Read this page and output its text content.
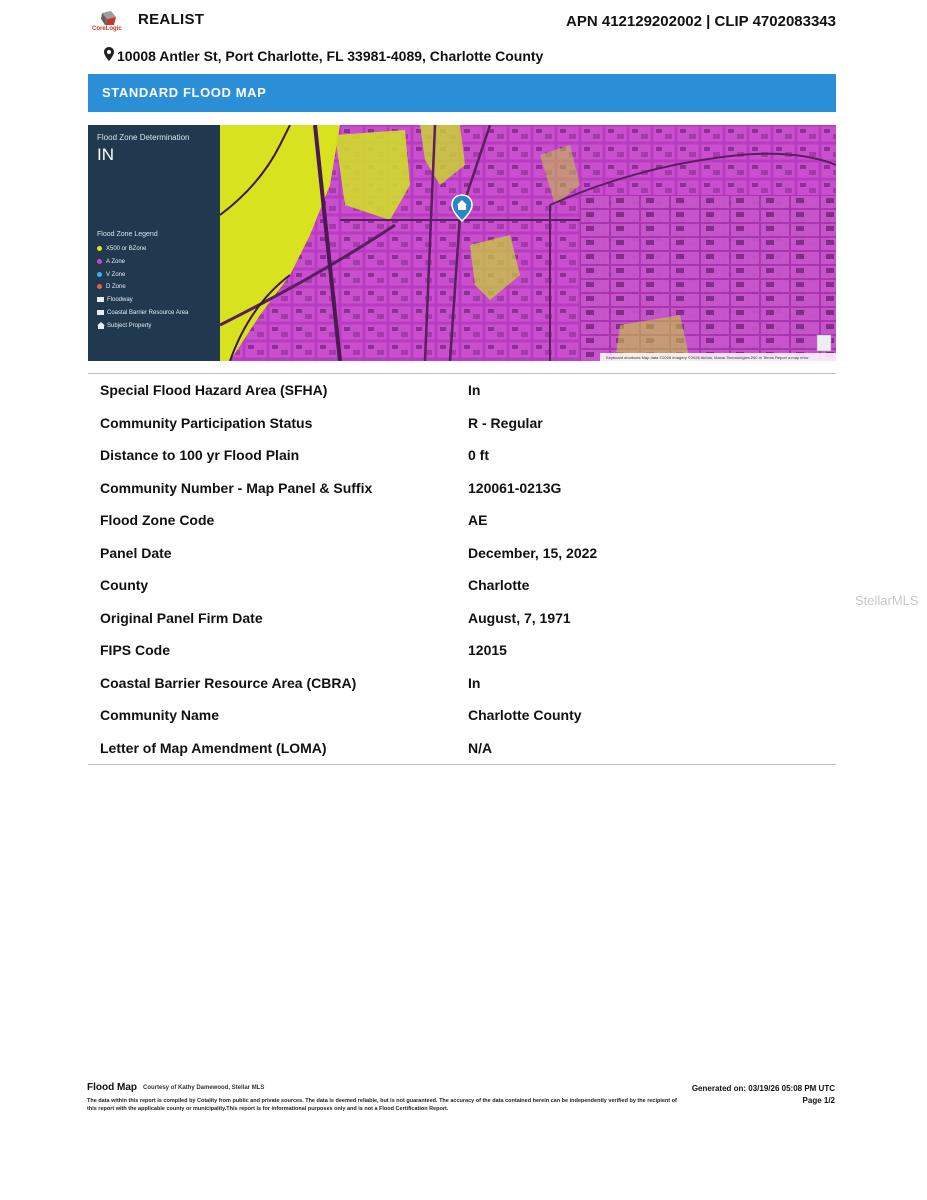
CoreLogic
REALIST	APN 412129202002 | CLIP 4702083343
10008 Antler St, Port Charlotte, FL 33981-4089, Charlotte County
STANDARD FLOOD MAP
Flood Zone Determination
IN
Flood Zone Legend
X500 or BZone
A Zone
V Zone
D Zone
Floodway
Coastal Barrier Resource Area
Subject Property
Keyboard shortcuts Map data ©2026 Imagery ©2026 Airbus, Maxar Technologies 200 m Terms Report a map error
Special Flood Hazard Area (SFHA)	In
Community Participation Status	R - Regular
Distance to 100 yr Flood Plain	0 ft
Community Number - Map Panel & Suffix	120061-0213G
Flood Zone Code	AE
Panel Date	December, 15, 2022
County	Charlotte
Original Panel Firm Date	August, 7, 1971
FIPS Code	12015
Coastal Barrier Resource Area (CBRA)	In
Community Name	Charlotte County
Letter of Map Amendment (LOMA)	N/A
StellarMLS
Flood Map Courtesy of Kathy Damewood, Stellar MLS
The data within this report is compiled by Cotality from public and private sources. The data is deemed reliable, but is not guaranteed. The accuracy of the data contained herein can be independently verified by the recipient of this report with the applicable county or municipality.This report is for informational purposes only and is not a Flood Certification Report.
Generated on: 03/19/26 05:08 PM UTC
Page 1/2
